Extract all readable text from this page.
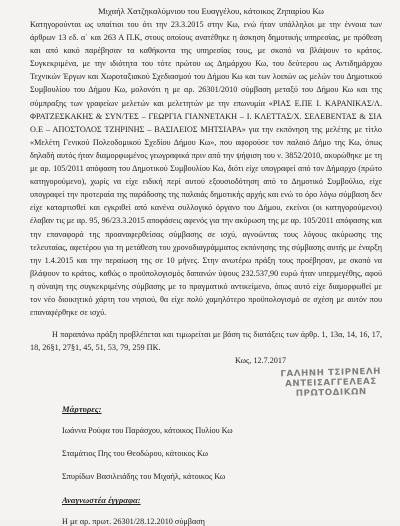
Μιχαήλ Χατζηκαλύμνιου του Ευαγγέλου, κάτοικος Ζηπαρίου Κω

Κατηγορούνται ως υπαίτιοι του ότι την 23.3.2015 στην Κω, ενώ ήταν υπάλληλοι με την έννοια των άρθρων 13 εδ. α΄ και 263 Α Π.Κ, στους οποίους ανατέθηκε η άσκηση δημοτικής υπηρεσίας, με πρόθεση και από κακό παρέβησαν τα καθήκοντα της υπηρεσίας τους, με σκοπό να βλάψουν το κράτος. Συγκεκριμένα, με την ιδιότητα του τότε πρώτου ως Δημάρχου Κω, του δεύτερου ως Αντιδημάρχου Τεχνικών Έργων και Χωροταξιακού Σχεδιασμού του Δήμου Κω και των λοιπών ως μελών του Δημοτικού Συμβουλίου του Δήμου Κω, μολονότι η με αρ. 26301/2010 σύμβαση μεταξύ του Δήμου Κω και της σύμπραξης των γραφείων μελετών και μελετητών με την επωνυμία «ΡΙΑΣ Ε.ΠΕ Ι. ΚΑΡΑΝΙΚΑΣ/Λ. ΦΡΑΤΖΕΣΚΑΚΗΣ & ΣΥΝ/ΤΕΣ – ΓΕΩΡΓΙΑ ΓΙΑΝΝΕΤΑΚΗ – Ι. ΚΛΕΤΤΑΣ/Χ. ΣΕΛΕΒΕΝΤΑΣ & ΣΙΑ Ο.Ε – ΑΠΟΣΤΟΛΟΣ ΤΖΗΡΙΝΗΣ – ΒΑΣΙΛΕΙΟΣ ΜΗΤΣΙΑΡΑ» για την εκπόνηση της μελέτης με τίτλο «Μελέτη Γενικού Πολεοδομικού Σχεδίου Δήμου Κω», που αφορούσε τον παλαιό Δήμο της Κω, όπως δηλαδή αυτός ήταν διαμορφωμένος γεωγραφικά πριν από την ψήφιση του ν. 3852/2010, ακυρώθηκε με τη με αρ. 105/2011 απόφαση του Δημοτικού Συμβουλίου Κω, διότι είχε υπογραφεί από τον Δήμαρχο (πρώτο κατηγορούμενο), χωρίς να είχε ειδική περί αυτού εξουσιοδότηση από το Δημοτικό Συμβούλιο, είχε υπογραφεί την προτεραία της παράδοσης της παλαιάς δημοτικής αρχής και ενώ το όρο λόγω σύμβαση δεν είχε καταρτισθεί και εγκριθεί από κανένα συλλογικό όργανο του Δήμου, εκείνοι (οι κατηγορούμενοι) έλαβαν τις με αρ. 95, 96/23.3.2015 αποφάσεις αφενός για την ακύρωση της με αρ. 105/2011 απόφασης και την επαναφορά της προαναφερθείσας σύμβασης σε ισχύ, αγνοώντας τους λόγους ακύρωσης της τελευταίας, αφετέρου για τη μετάθεση του χρονοδιαγράμματος εκπόνησης της σύμβασης αυτής με έναρξη την 1.4.2015 και την περαίωση της σε 10 μήνες. Στην ανωτέρω πράξη τους προέβησαν, με σκοπό να βλάψουν το κράτος, καθώς ο προϋπολογισμός δαπανών ύψους 232.537,90 ευρώ ήταν υπερμεγέθης, αφού η σύναψη της συγκεκριμένης σύμβασης με το πραγματικό αντικείμενο, όπως αυτό είχε διαμορφωθεί με τον νέο διοικητικό χάρτη του νησιού, θα είχε πολύ χαμηλότερο προϋπολογισμό σε σχέση με αυτόν που επαναφέρθηκε σε ισχύ.

Η παραπάνω πράξη προβλέπεται και τιμωρείται με βάση τις διατάξεις των άρθρ. 1, 13α, 14, 16, 17, 18, 26§1, 27§1, 45, 51, 53, 79, 259 ΠΚ.

Κως, 12.7.2017
ΓΑΛΗΝΗ ΤΣΙΡΝΕΛΗ
ΑΝΤΕΙΣΑΓΓΕΛΕΑΣ
ΠΡΩΤΟΔΙΚΩΝ
Μάρτυρες:
Ιωάννα Ρούφα του Παράσχου, κάτοικος Πυλίου Κω
Σταμάτιος Πης του Θεοδώρου, κάτοικος Κω
Σπυρίδων Βασιλειάδης του Μιχαήλ, κάτοικος Κω
Αναγνωστέα έγγραφα:
Η με αρ. πρωτ. 26301/28.12.2010 σύμβαση
